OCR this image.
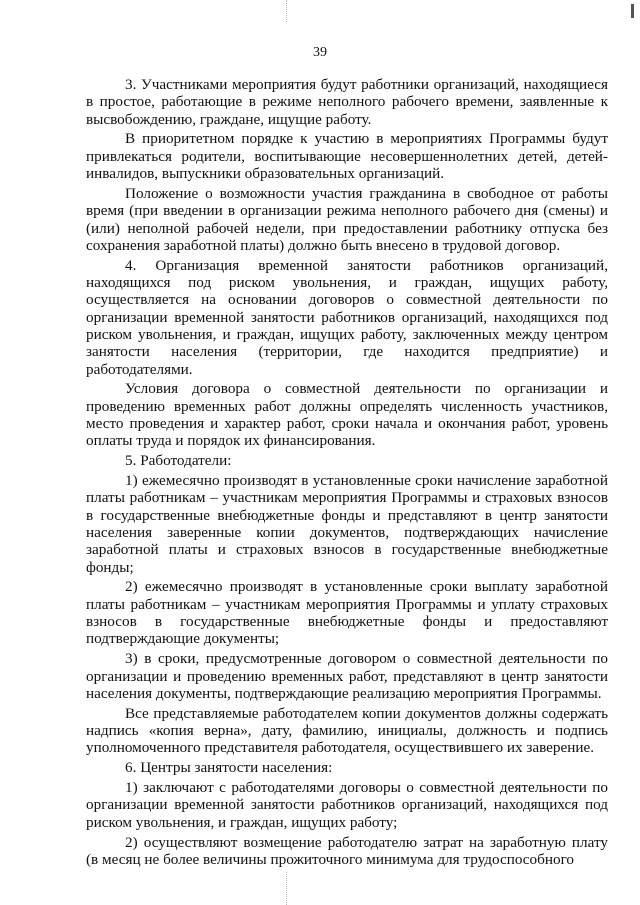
39

3. Участниками мероприятия будут работники организаций, находящиеся в простое, работающие в режиме неполного рабочего времени, заявленные к высвобождению, граждане, ищущие работу.

В приоритетном порядке к участию в мероприятиях Программы будут привлекаться родители, воспитывающие несовершеннолетних детей, детей-инвалидов, выпускники образовательных организаций.

Положение о возможности участия гражданина в свободное от работы время (при введении в организации режима неполного рабочего дня (смены) и (или) неполной рабочей недели, при предоставлении работнику отпуска без сохранения заработной платы) должно быть внесено в трудовой договор.

4. Организация временной занятости работников организаций, находящихся под риском увольнения, и граждан, ищущих работу, осуществляется на основании договоров о совместной деятельности по организации временной занятости работников организаций, находящихся под риском увольнения, и граждан, ищущих работу, заключенных между центром занятости населения (территории, где находится предприятие) и работодателями.

Условия договора о совместной деятельности по организации и проведению временных работ должны определять численность участников, место проведения и характер работ, сроки начала и окончания работ, уровень оплаты труда и порядок их финансирования.

5. Работодатели:

1) ежемесячно производят в установленные сроки начисление заработной платы работникам – участникам мероприятия Программы и страховых взносов в государственные внебюджетные фонды и представляют в центр занятости населения заверенные копии документов, подтверждающих начисление заработной платы и страховых взносов в государственные внебюджетные фонды;

2) ежемесячно производят в установленные сроки выплату заработной платы работникам – участникам мероприятия Программы и уплату страховых взносов в государственные внебюджетные фонды и предоставляют подтверждающие документы;

3) в сроки, предусмотренные договором о совместной деятельности по организации и проведению временных работ, представляют в центр занятости населения документы, подтверждающие реализацию мероприятия Программы.

Все представляемые работодателем копии документов должны содержать надпись «копия верна», дату, фамилию, инициалы, должность и подпись уполномоченного представителя работодателя, осуществившего их заверение.

6. Центры занятости населения:

1) заключают с работодателями договоры о совместной деятельности по организации временной занятости работников организаций, находящихся под риском увольнения, и граждан, ищущих работу;

2) осуществляют возмещение работодателю затрат на заработную плату (в месяц не более величины прожиточного минимума для трудоспособного
